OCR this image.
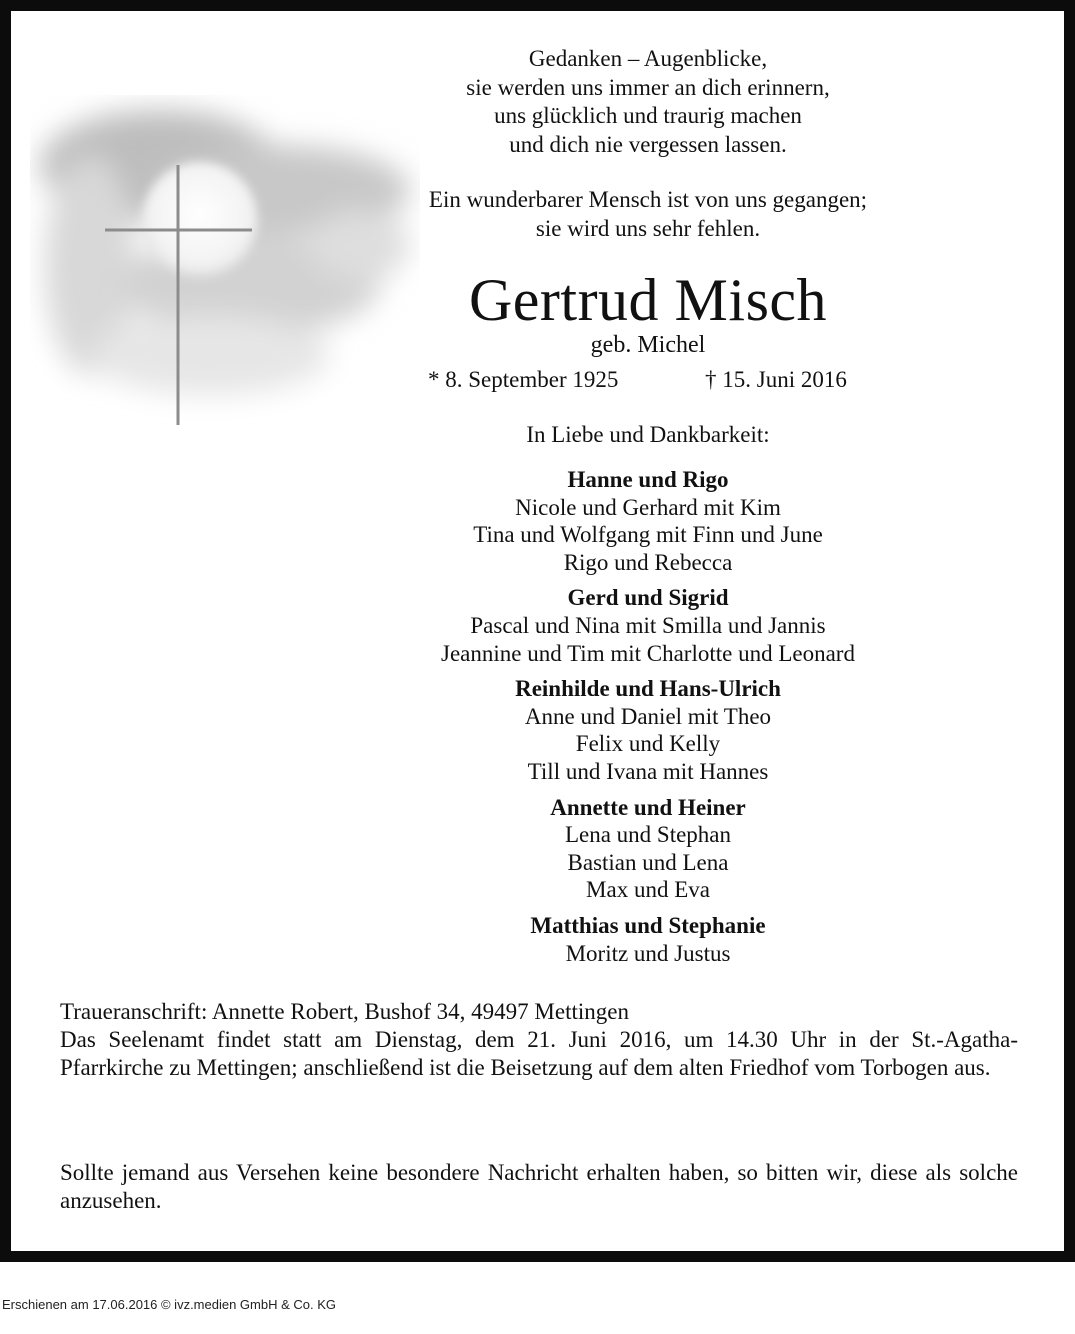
Gedanken – Augenblicke,
sie werden uns immer an dich erinnern,
uns glücklich und traurig machen
und dich nie vergessen lassen.
Ein wunderbarer Mensch ist von uns gegangen;
sie wird uns sehr fehlen.
Gertrud Misch
geb. Michel
* 8. September 1925	† 15. Juni 2016
In Liebe und Dankbarkeit:
Hanne und Rigo
Nicole und Gerhard mit Kim
Tina und Wolfgang mit Finn und June
Rigo und Rebecca
Gerd und Sigrid
Pascal und Nina mit Smilla und Jannis
Jeannine und Tim mit Charlotte und Leonard
Reinhilde und Hans-Ulrich
Anne und Daniel mit Theo
Felix und Kelly
Till und Ivana mit Hannes
Annette und Heiner
Lena und Stephan
Bastian und Lena
Max und Eva
Matthias und Stephanie
Moritz und Justus
Traueranschrift: Annette Robert, Bushof 34, 49497 Mettingen
Das Seelenamt findet statt am Dienstag, dem 21. Juni 2016, um 14.30 Uhr in der St.-Agatha-Pfarrkirche zu Mettingen; anschließend ist die Beisetzung auf dem alten Friedhof vom Torbogen aus.
Sollte jemand aus Versehen keine besondere Nachricht erhalten haben, so bitten wir, diese als solche anzusehen.
Erschienen am 17.06.2016 © ivz.medien GmbH & Co. KG
